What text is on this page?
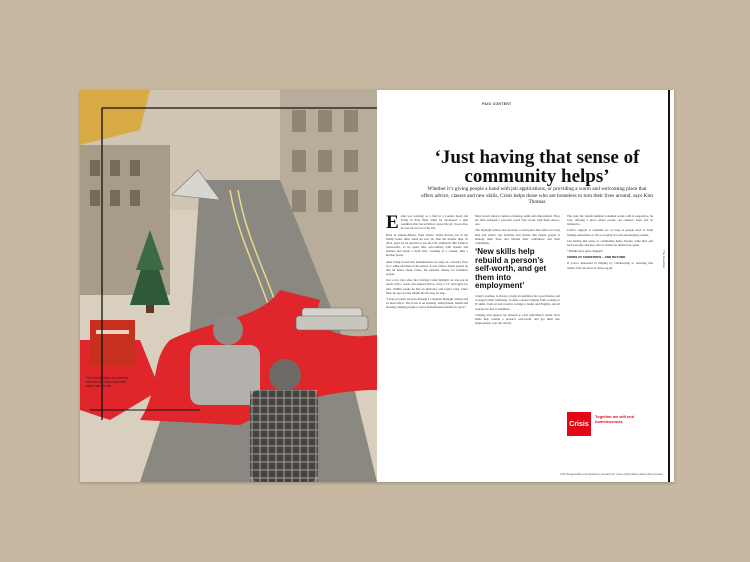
The charity helps its members connect with each other and make new friends
PAID CONTENT
‘Just having that sense of community helps’

Whether it’s giving people a hand with job applications, or providing a warm and welcoming place that offers advice, classes and new skills, Crisis helps those who are homeless to turn their lives around, says Kim Thomas

Eddie was working as a chef in a London hotel and living in East Ham when he developed a skin condition that forced him to leave his job. Soon after, he was forced out of his flat.

Born in Guinea-Bissau, West Africa, Eddie moved out of the family home there when he was 16, after his mother died. In 2014, aged 34, he decided to see the UK, ultimately. But Eddie is resourceful, so he spent time sofa-surfing with friends and shelters and made a fresh start, working as a cleaner, then a kitchen porter.

After being forced into homelessness, he slept on a friend’s floor for a while and then on the streets. It was when a friend passed by that he heard about Crisis, the national charity for homeless people.

Just a few days after first visiting Crisis Skylight, he was put in touch with a coach who helped him to write a CV and apply for jobs. Within weeks he had an interview and found work. Since then, he says, he has rebuilt his life step by step.

“Crisis provides services through 11 regional Skylight centres and its head office. The focus is on learning, employment, health and housing, helping people to leave homelessness behind for good.”

Most recent when it comes to housing, skills and employment. They are then assigned a personal coach who works with them one-to-one.

The Skylight centres also provide a warm place that offers not only help and advice, but facilities and classes that enable people to manage their lives and rebuild their confidence and their community.

‘New skills help rebuild a person’s self-worth, and get them into employment’

Crisis’s premise is always to help its members into good homes and to support their wellbeing. It offers courses ranging from cooking to IT skills, from art and creative writing to maths and English, and all courses are free to members.

Training and support are tailored to each individual’s needs. New skills help rebuild a person’s self-worth, and get them into employment, says the charity.

The team the Jewish member Jonathan works with is supportive, he says, offering a place where people can connect, learn and be listened to.

Crisis’s support is available for as long as people need it, from finding somewhere to live to staying in work and keeping a home.

Just having that sense of community helps. People come here and feel welcome and they start to believe in themselves again.

“Thanks have been changed”

CRISIS AT CHRISTMAS – AND BEYOND

If you’re interested in helping by volunteering or donating this winter, find out more at crisis.org.uk

Crisis
Together we will end homelessness
The Guardian
Visit theguardian.com/paid-for-content for more information about this content
